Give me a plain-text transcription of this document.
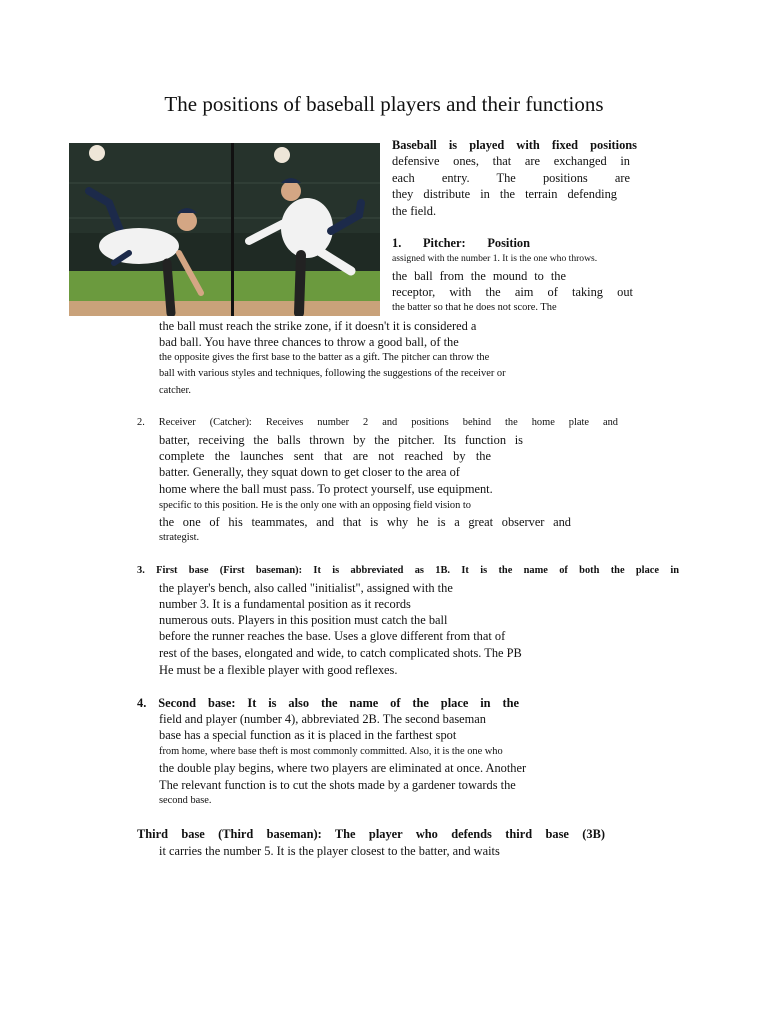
The positions of baseball players and their functions
Baseball is played with fixed positions
defensive ones, that are exchanged in
each entry. The positions are
they distribute in the terrain defending
the field.
1. Pitcher: Position
assigned with the number 1. It is the one who throws.
the ball from the mound to the
receptor, with the aim of taking out
the batter so that he does not score. The
the ball must reach the strike zone, if it doesn't it is considered a
bad ball. You have three chances to throw a good ball, of the
the opposite gives the first base to the batter as a gift. The pitcher can throw the
ball with various styles and techniques, following the suggestions of the receiver or
catcher.
2. Receiver (Catcher): Receives number 2 and positions behind the home plate and
batter, receiving the balls thrown by the pitcher. Its function is
complete the launches sent that are not reached by the
batter. Generally, they squat down to get closer to the area of
home where the ball must pass. To protect yourself, use equipment.
specific to this position. He is the only one with an opposing field vision to
the one of his teammates, and that is why he is a great observer and
strategist.
3. First base (First baseman): It is abbreviated as 1B. It is the name of both the place in
the player's bench, also called "initialist", assigned with the
number 3. It is a fundamental position as it records
numerous outs. Players in this position must catch the ball
before the runner reaches the base. Uses a glove different from that of
rest of the bases, elongated and wide, to catch complicated shots. The PB
He must be a flexible player with good reflexes.
4. Second base: It is also the name of the place in the
field and player (number 4), abbreviated 2B. The second baseman
base has a special function as it is placed in the farthest spot
from home, where base theft is most commonly committed. Also, it is the one who
the double play begins, where two players are eliminated at once. Another
The relevant function is to cut the shots made by a gardener towards the
second base.
Third base (Third baseman): The player who defends third base (3B)
it carries the number 5. It is the player closest to the batter, and waits
